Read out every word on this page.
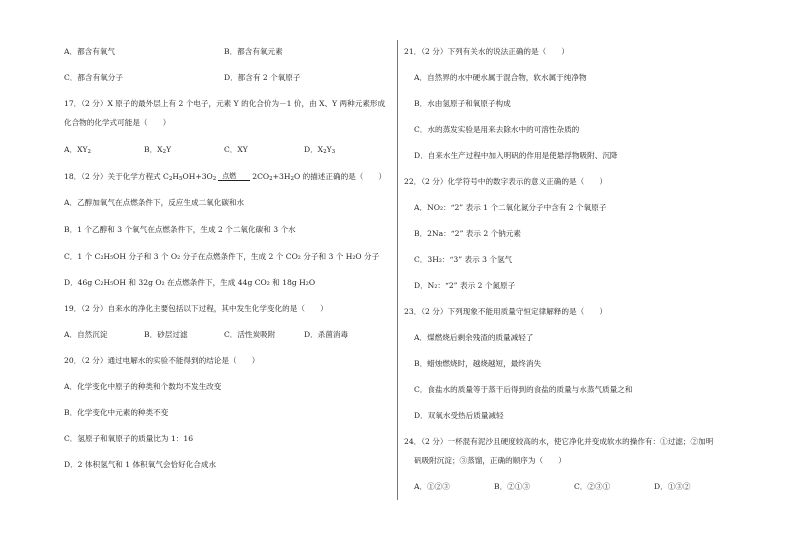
A．都含有氧气	B．都含有氧元素
C．都含有氧分子	D．都含有 2 个氧原子
17．（2 分）X 原子的最外层上有 2 个电子，元素 Y 的化合价为－1 价，由 X、Y 两种元素形成
化合物的化学式可能是（　　）
A．$XY_2$	B．$X_2Y$	C．XY	D．$X_2Y_3$
18．（2 分）关于化学方程式 $C_2H_5OH+3O_2$ 点燃 $2CO_2+3H_2O$ 的描述正确的是（　　）
A．乙醇加氧气在点燃条件下，反应生成二氧化碳和水
B．1 个乙醇和 3 个氧气在点燃条件下，生成 2 个二氧化碳和 3 个水
C．1 个 C₂H₅OH 分子和 3 个 O₂ 分子在点燃条件下，生成 2 个 CO₂ 分子和 3 个 H₂O 分子
D．46g C₂H₅OH 和 32g O₂ 在点燃条件下，生成 44g CO₂ 和 18g H₂O
19．（2 分）自来水的净化主要包括以下过程，其中发生化学变化的是（　　）
A．自然沉淀	B．砂层过滤	C．活性炭吸附	D．杀菌消毒
20．（2 分）通过电解水的实验不能得到的结论是（　　）
A．化学变化中原子的种类和个数均不发生改变
B．化学变化中元素的种类不变
C．氢原子和氧原子的质量比为 1：16
D．2 体积氢气和 1 体积氧气会恰好化合成水
21．（2 分）下列有关水的说法正确的是（　　）
A．自然界的水中硬水属于混合物，软水属于纯净物
B．水由氢原子和氧原子构成
C．水的蒸发实验是用来去除水中的可溶性杂质的
D．自来水生产过程中加入明矾的作用是使悬浮物吸附、沉降
22．（2 分）化学符号中的数字表示的意义正确的是（　　）
A．NO₂：“2” 表示 1 个二氧化氮分子中含有 2 个氧原子
B．2Na：“2” 表示 2 个钠元素
C．3H₂：“3” 表示 3 个氢气
D．N₂：“2” 表示 2 个氮原子
23．（2 分）下列现象不能用质量守恒定律解释的是（　　）
A．煤燃烧后剩余残渣的质量减轻了
B．蜡烛燃烧时，越烧越短，最终消失
C．食盐水的质量等于蒸干后得到的食盐的质量与水蒸气质量之和
D．双氧水受热后质量减轻
24．（2 分）一杯混有泥沙且硬度较高的水，使它净化并变成软水的操作有：①过滤；②加明
矾吸附沉淀；③蒸馏，正确的顺序为（　　）
A．①②③	B．②①③	C．②③①	D．①③②
